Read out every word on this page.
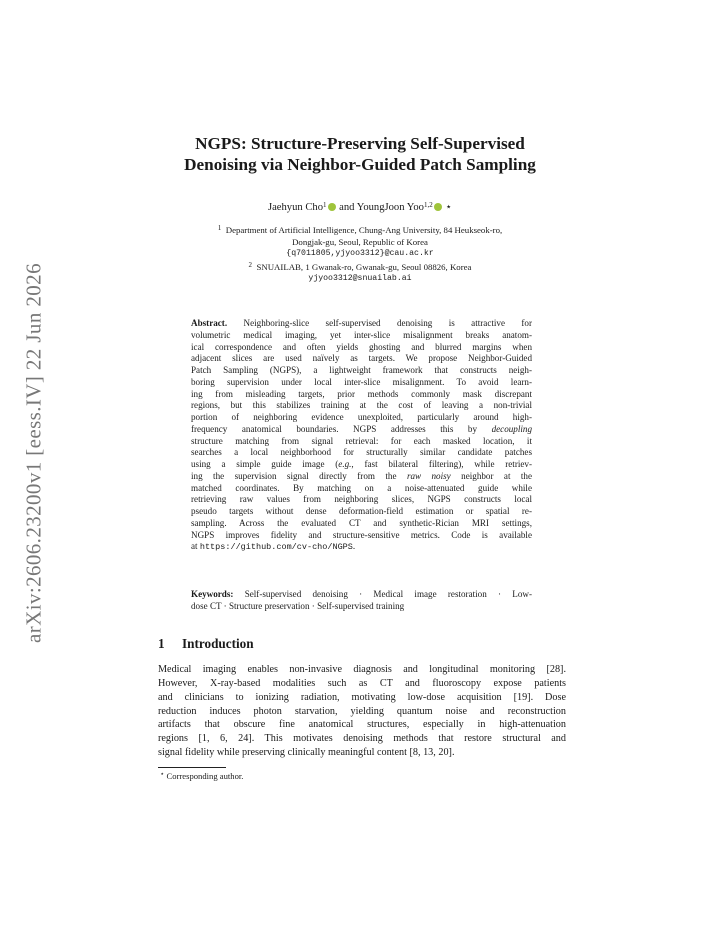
arXiv:2606.23200v1 [eess.IV] 22 Jun 2026
NGPS: Structure-Preserving Self-Supervised
Denoising via Neighbor-Guided Patch Sampling
Jaehyun Cho$^1$ and YoungJoon Yoo$^{1,2}$ ⋆
$^1$ Department of Artificial Intelligence, Chung-Ang University, 84 Heukseok-ro,
Dongjak-gu, Seoul, Republic of Korea
{q7011805,yjyoo3312}@cau.ac.kr
$^2$ SNUAILAB, 1 Gwanak-ro, Gwanak-gu, Seoul 08826, Korea
yjyoo3312@snuailab.ai
Abstract. Neighboring-slice self-supervised denoising is attractive for
volumetric medical imaging, yet inter-slice misalignment breaks anatom-
ical correspondence and often yields ghosting and blurred margins when
adjacent slices are used naïvely as targets. We propose Neighbor-Guided
Patch Sampling (NGPS), a lightweight framework that constructs neigh-
boring supervision under local inter-slice misalignment. To avoid learn-
ing from misleading targets, prior methods commonly mask discrepant
regions, but this stabilizes training at the cost of leaving a non-trivial
portion of neighboring evidence unexploited, particularly around high-
frequency anatomical boundaries. NGPS addresses this by decoupling
structure matching from signal retrieval: for each masked location, it
searches a local neighborhood for structurally similar candidate patches
using a simple guide image (e.g., fast bilateral filtering), while retriev-
ing the supervision signal directly from the raw noisy neighbor at the
matched coordinates. By matching on a noise-attenuated guide while
retrieving raw values from neighboring slices, NGPS constructs local
pseudo targets without dense deformation-field estimation or spatial re-
sampling. Across the evaluated CT and synthetic-Rician MRI settings,
NGPS improves fidelity and structure-sensitive metrics. Code is available
at https://github.com/cv-cho/NGPS.
Keywords: Self-supervised denoising · Medical image restoration · Low-
dose CT · Structure preservation · Self-supervised training
1 Introduction
Medical imaging enables non-invasive diagnosis and longitudinal monitoring [28].
However, X-ray-based modalities such as CT and fluoroscopy expose patients
and clinicians to ionizing radiation, motivating low-dose acquisition [19]. Dose
reduction induces photon starvation, yielding quantum noise and reconstruction
artifacts that obscure fine anatomical structures, especially in high-attenuation
regions [1, 6, 24]. This motivates denoising methods that restore structural and
signal fidelity while preserving clinically meaningful content [8, 13, 20].
⋆ Corresponding author.
